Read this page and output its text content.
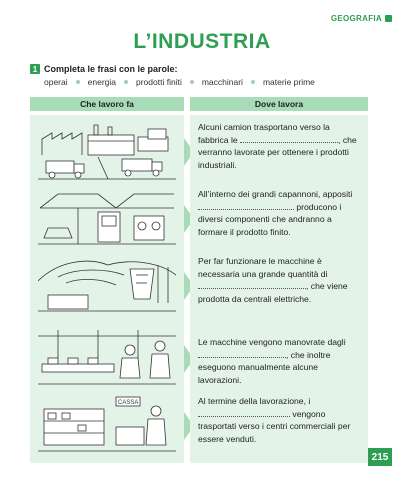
GEOGRAFIA
L’INDUSTRIA
1 Completa le frasi con le parole:
operai energia prodotti finiti macchinari materie prime
Che lavoro fa	Dove lavora
Alcuni camion trasportano verso la fabbrica le	, che verranno lavorate per ottenere i prodotti industriali.
All’interno dei grandi capannoni, appositi  producono i diversi componenti che andranno a formare il prodotto finito.
Per far funzionare le macchine è necessaria una grande quantità di , che viene prodotta da centrali elettriche.
Le macchine vengono manovrate dagli , che inoltre eseguono manualmente alcune lavorazioni.
CASSA	Al termine della lavorazione, i  vengono trasportati verso i centri commerciali per essere venduti.
215
